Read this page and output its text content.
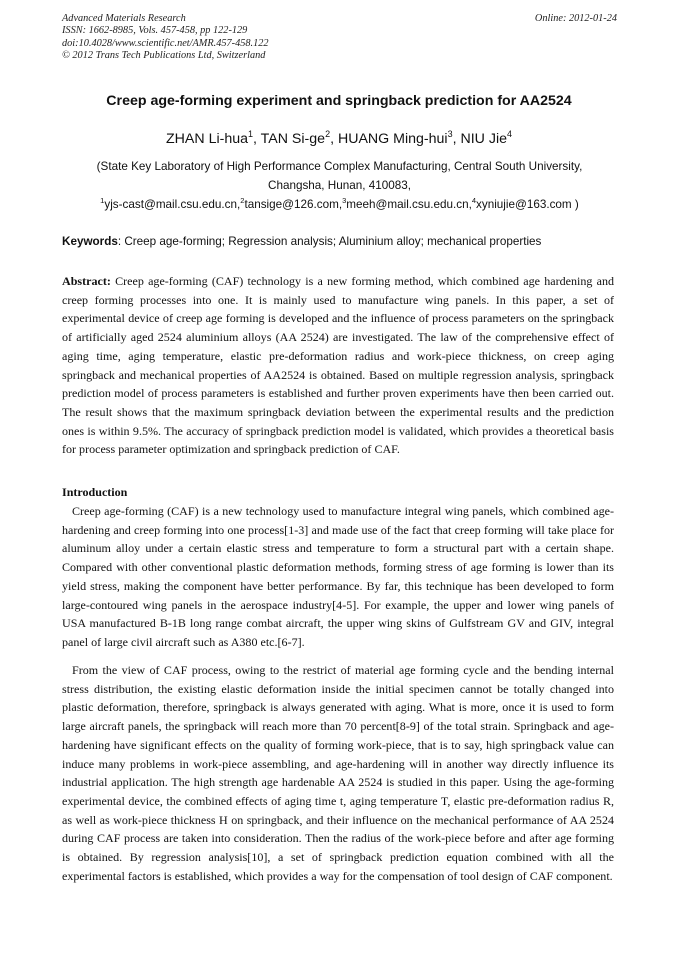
Advanced Materials Research
ISSN: 1662-8985, Vols. 457-458, pp 122-129
doi:10.4028/www.scientific.net/AMR.457-458.122
© 2012 Trans Tech Publications Ltd, Switzerland
Online: 2012-01-24
Creep age-forming experiment and springback prediction for AA2524
ZHAN Li-hua$^1$, TAN $Si-ge^2$, HUANG Ming-hui$^3$, NIU Jie$^4$
(State Key Laboratory of High Performance Complex Manufacturing, Central South University,
Changsha, Hunan, 410083,
$^1$yjs-cast@mail.csu.edu.cn,$^2$tansige@126.com,$^3$meeh@mail.csu.edu.cn,$^4$xyniujie@163.com )
Keywords: Creep age-forming; Regression analysis; Aluminium alloy; mechanical properties

Abstract: Creep age-forming (CAF) technology is a new forming method, which combined age hardening and creep forming processes into one. It is mainly used to manufacture wing panels. In this paper, a set of experimental device of creep age forming is developed and the influence of process parameters on the springback of artificially aged 2524 aluminium alloys (AA 2524) are investigated. The law of the comprehensive effect of aging time, aging temperature, elastic pre-deformation radius and work-piece thickness, on creep aging springback and mechanical properties of AA2524 is obtained. Based on multiple regression analysis, springback prediction model of process parameters is established and further proven experiments have then been carried out. The result shows that the maximum springback deviation between the experimental results and the prediction ones is within 9.5%. The accuracy of springback prediction model is validated, which provides a theoretical basis for process parameter optimization and springback prediction of CAF.

Introduction

Creep age-forming (CAF) is a new technology used to manufacture integral wing panels, which combined age-hardening and creep forming into one process[1-3] and made use of the fact that creep forming will take place for aluminum alloy under a certain elastic stress and temperature to form a structural part with a certain shape. Compared with other conventional plastic deformation methods, forming stress of age forming is lower than its yield stress, making the component have better performance. By far, this technique has been developed to form large-contoured wing panels in the aerospace industry[4-5]. For example, the upper and lower wing panels of USA manufactured B-1B long range combat aircraft, the upper wing skins of Gulfstream GV and GIV, integral panel of large civil aircraft such as A380 etc.[6-7].

From the view of CAF process, owing to the restrict of material age forming cycle and the bending internal stress distribution, the existing elastic deformation inside the initial specimen cannot be totally changed into plastic deformation, therefore, springback is always generated with aging. What is more, once it is used to form large aircraft panels, the springback will reach more than 70 percent[8-9] of the total strain. Springback and age-hardening have significant effects on the quality of forming work-piece, that is to say, high springback value can induce many problems in work-piece assembling, and age-hardening will in another way directly influence its industrial application. The high strength age hardenable AA 2524 is studied in this paper. Using the age-forming experimental device, the combined effects of aging time t, aging temperature T, elastic pre-deformation radius R, as well as work-piece thickness H on springback, and their influence on the mechanical performance of AA 2524 during CAF process are taken into consideration. Then the radius of the work-piece before and after age forming is obtained. By regression analysis[10], a set of springback prediction equation combined with all the experimental factors is established, which provides a way for the compensation of tool design of CAF component.
